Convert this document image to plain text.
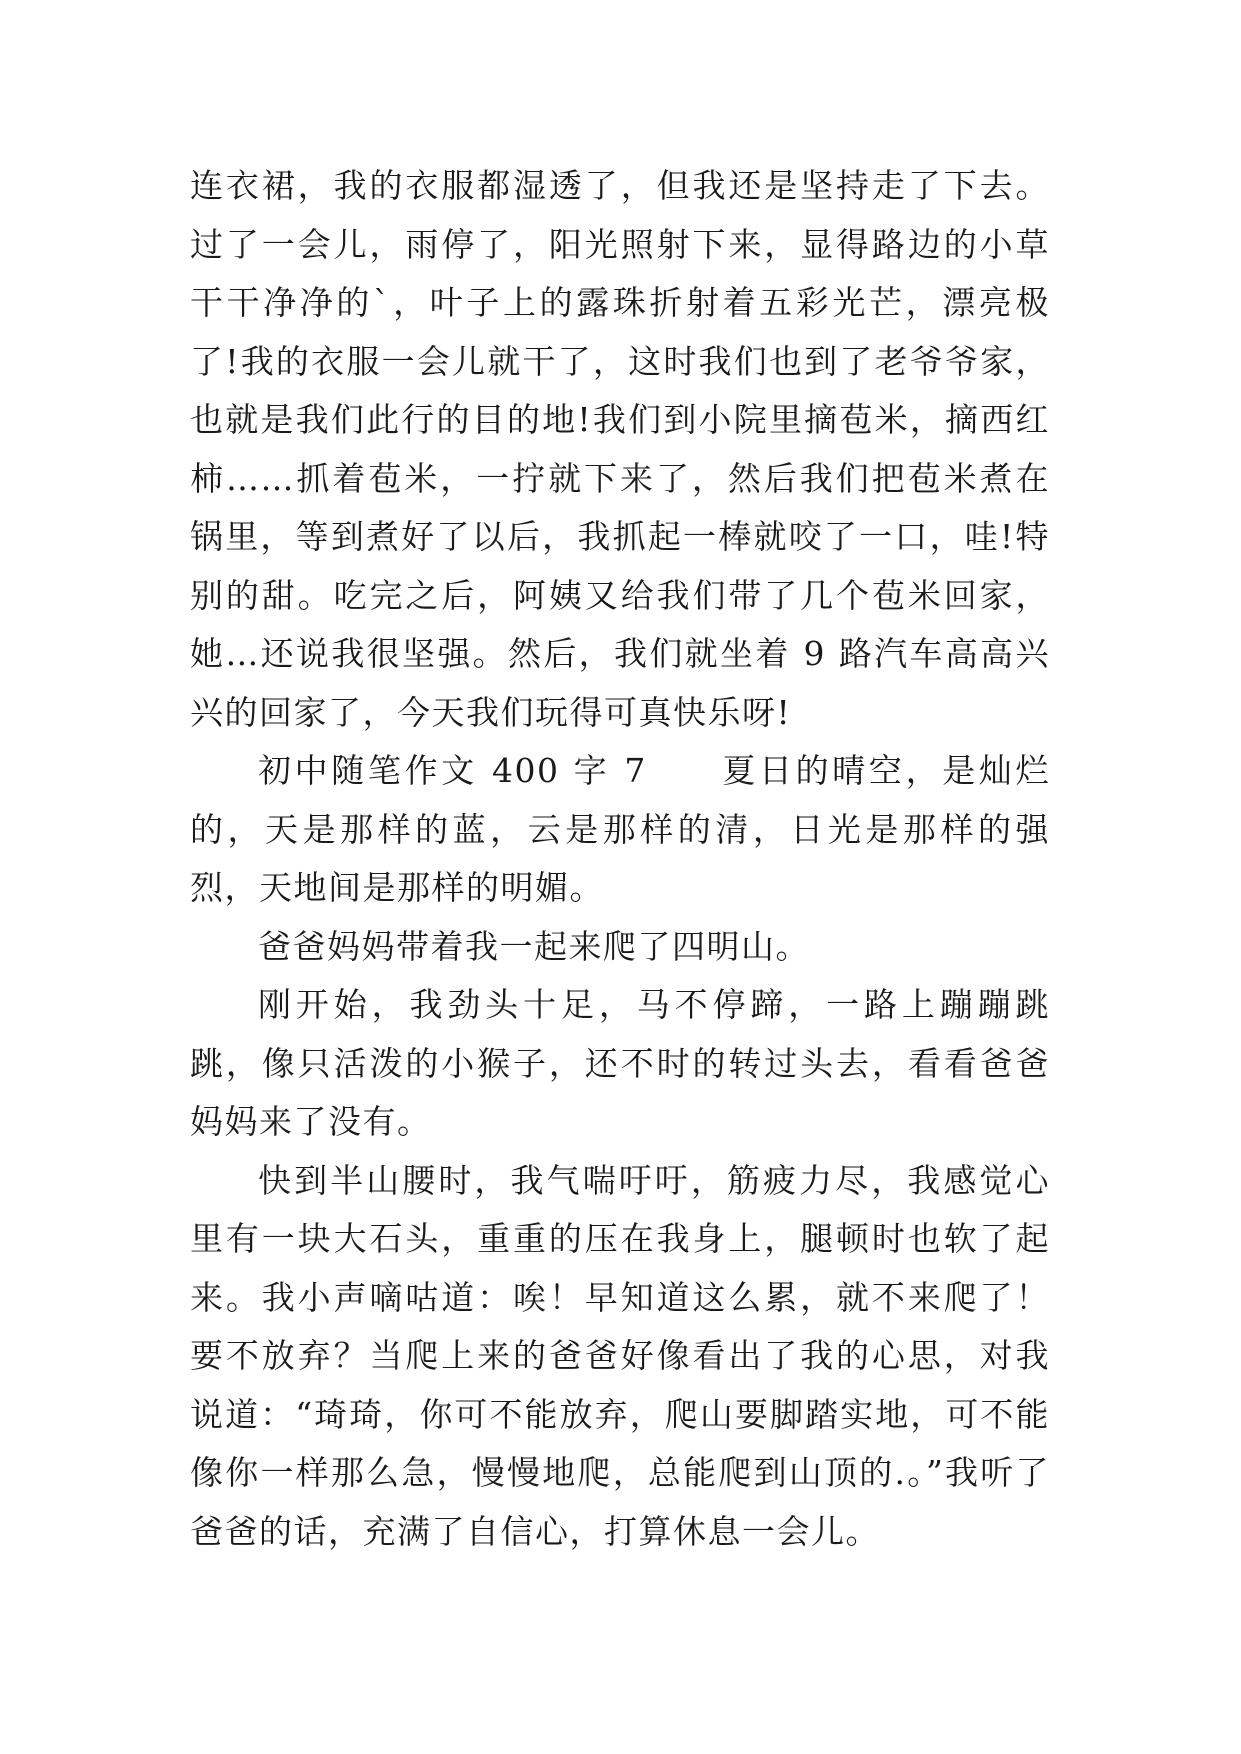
连衣裙，我的衣服都湿透了，但我还是坚持走了下去。过了一会儿，雨停了，阳光照射下来，显得路边的小草干干净净的`，叶子上的露珠折射着五彩光芒，漂亮极了!我的衣服一会儿就干了，这时我们也到了老爷爷家，也就是我们此行的目的地!我们到小院里摘苞米，摘西红柿……抓着苞米，一拧就下来了，然后我们把苞米煮在锅里，等到煮好了以后，我抓起一棒就咬了一口，哇!特别的甜。吃完之后，阿姨又给我们带了几个苞米回家，她…还说我很坚强。然后，我们就坐着 9 路汽车高高兴兴的回家了，今天我们玩得可真快乐呀!

初中随笔作文 400 字 7　　夏日的晴空，是灿烂的，天是那样的蓝，云是那样的清，日光是那样的强烈，天地间是那样的明媚。

爸爸妈妈带着我一起来爬了四明山。

刚开始，我劲头十足，马不停蹄，一路上蹦蹦跳跳，像只活泼的小猴子，还不时的转过头去，看看爸爸妈妈来了没有。

快到半山腰时，我气喘吁吁，筋疲力尽，我感觉心里有一块大石头，重重的压在我身上，腿顿时也软了起来。我小声嘀咕道：唉！早知道这么累，就不来爬了！要不放弃？当爬上来的爸爸好像看出了我的心思，对我说道：“琦琦，你可不能放弃，爬山要脚踏实地，可不能像你一样那么急，慢慢地爬，总能爬到山顶的.。”我听了爸爸的话，充满了自信心，打算休息一会儿。
